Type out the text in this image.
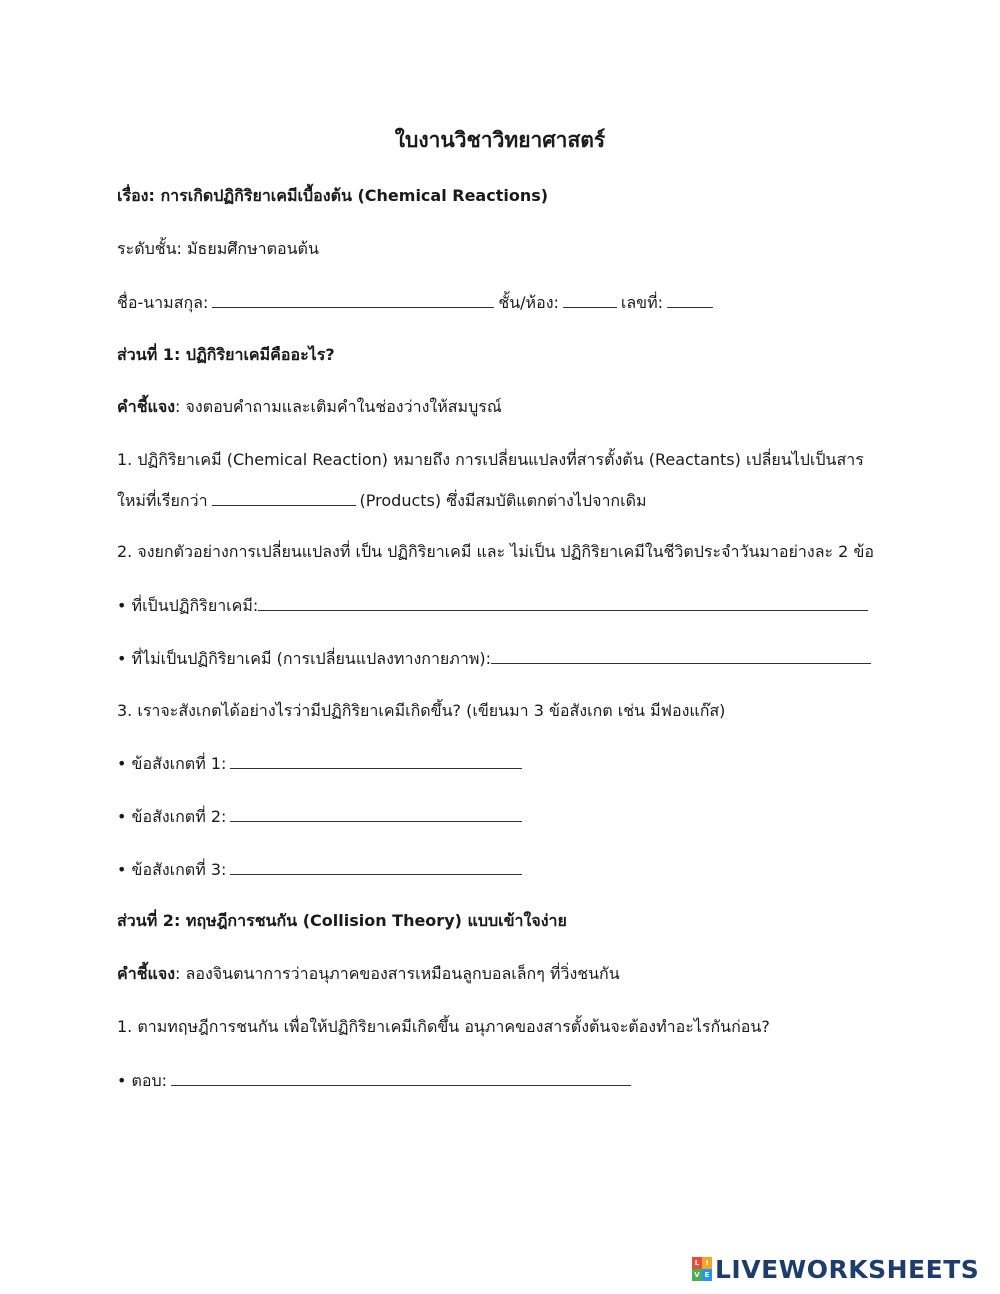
ใบงานวิชาวิทยาศาสตร์
เรื่อง: การเกิดปฏิกิริยาเคมีเบื้องต้น (Chemical Reactions)
ระดับชั้น: มัธยมศึกษาตอนต้น
ชื่อ-นามสกุล:	ชั้น/ห้อง:	เลขที่:
ส่วนที่ 1: ปฏิกิริยาเคมีคืออะไร?
คำชี้แจง: จงตอบคำถามและเติมคำในช่องว่างให้สมบูรณ์
1. ปฏิกิริยาเคมี (Chemical Reaction) หมายถึง การเปลี่ยนแปลงที่สารตั้งต้น (Reactants) เปลี่ยนไปเป็นสาร
ใหม่ที่เรียกว่า	(Products) ซึ่งมีสมบัติแตกต่างไปจากเดิม
2. จงยกตัวอย่างการเปลี่ยนแปลงที่ เป็น ปฏิกิริยาเคมี และ ไม่เป็น ปฏิกิริยาเคมีในชีวิตประจำวันมาอย่างละ 2 ข้อ
• ที่เป็นปฏิกิริยาเคมี:
• ที่ไม่เป็นปฏิกิริยาเคมี (การเปลี่ยนแปลงทางกายภาพ):
3. เราจะสังเกตได้อย่างไรว่ามีปฏิกิริยาเคมีเกิดขึ้น? (เขียนมา 3 ข้อสังเกต เช่น มีฟองแก๊ส)
• ข้อสังเกตที่ 1:
• ข้อสังเกตที่ 2:
• ข้อสังเกตที่ 3:
ส่วนที่ 2: ทฤษฎีการชนกัน (Collision Theory) แบบเข้าใจง่าย
คำชี้แจง: ลองจินตนาการว่าอนุภาคของสารเหมือนลูกบอลเล็กๆ ที่วิ่งชนกัน
1. ตามทฤษฎีการชนกัน เพื่อให้ปฏิกิริยาเคมีเกิดขึ้น อนุภาคของสารตั้งต้นจะต้องทำอะไรกันก่อน?
• ตอบ:
L I
V E LIVEWORKSHEETS
